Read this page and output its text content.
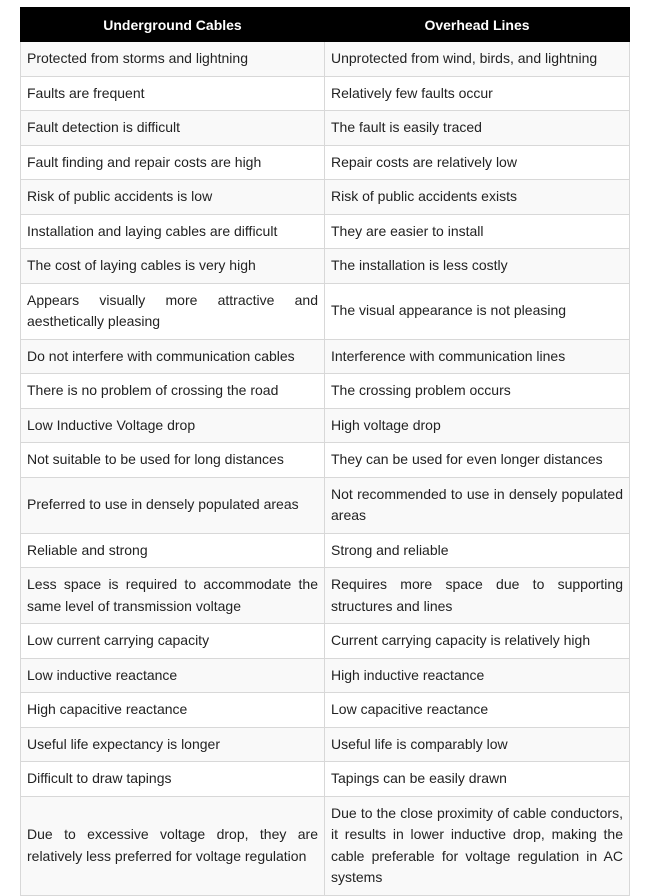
Underground Cables	Overhead Lines
Protected from storms and lightning	Unprotected from wind, birds, and lightning
Faults are frequent	Relatively few faults occur
Fault detection is difficult	The fault is easily traced
Fault finding and repair costs are high	Repair costs are relatively low
Risk of public accidents is low	Risk of public accidents exists
Installation and laying cables are difficult	They are easier to install
The cost of laying cables is very high	The installation is less costly
Appears visually more attractive and aesthetically pleasing	The visual appearance is not pleasing
Do not interfere with communication cables	Interference with communication lines
There is no problem of crossing the road	The crossing problem occurs
Low Inductive Voltage drop	High voltage drop
Not suitable to be used for long distances	They can be used for even longer distances
Preferred to use in densely populated areas	Not recommended to use in densely populated areas
Reliable and strong	Strong and reliable
Less space is required to accommodate the same level of transmission voltage	Requires more space due to supporting structures and lines
Low current carrying capacity	Current carrying capacity is relatively high
Low inductive reactance	High inductive reactance
High capacitive reactance	Low capacitive reactance
Useful life expectancy is longer	Useful life is comparably low
Difficult to draw tapings	Tapings can be easily drawn
Due to excessive voltage drop, they are relatively less preferred for voltage regulation	Due to the close proximity of cable conductors, it results in lower inductive drop, making the cable preferable for voltage regulation in AC systems
